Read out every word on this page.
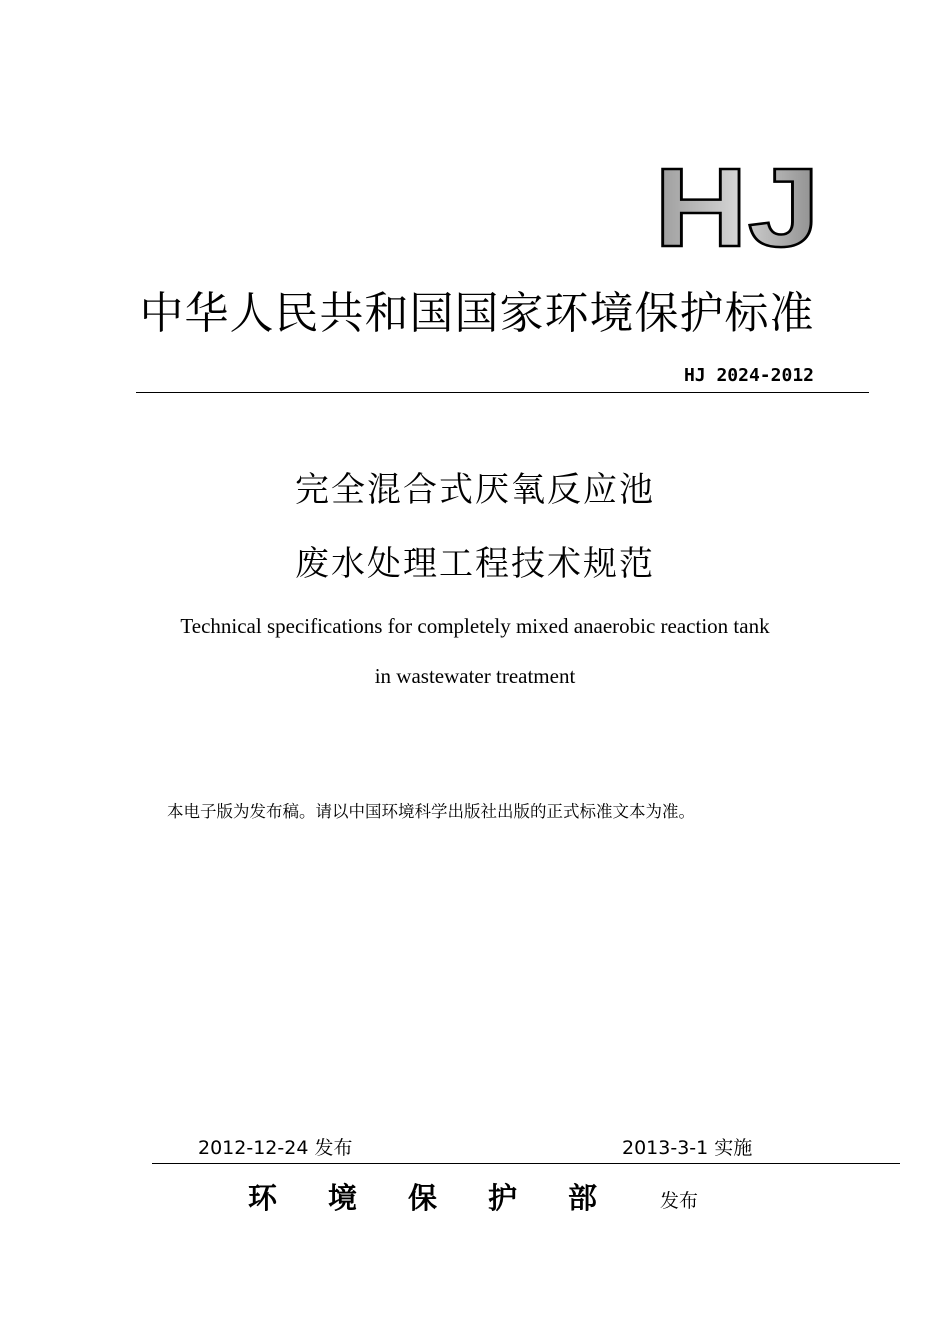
HJ
中华人民共和国国家环境保护标准
HJ 2024-2012
完全混合式厌氧反应池
废水处理工程技术规范
Technical specifications for completely mixed anaerobic reaction tank
in wastewater treatment
本电子版为发布稿。请以中国环境科学出版社出版的正式标准文本为准。
2012-12-24 发布	2013-3-1 实施
环境保护部 发布
